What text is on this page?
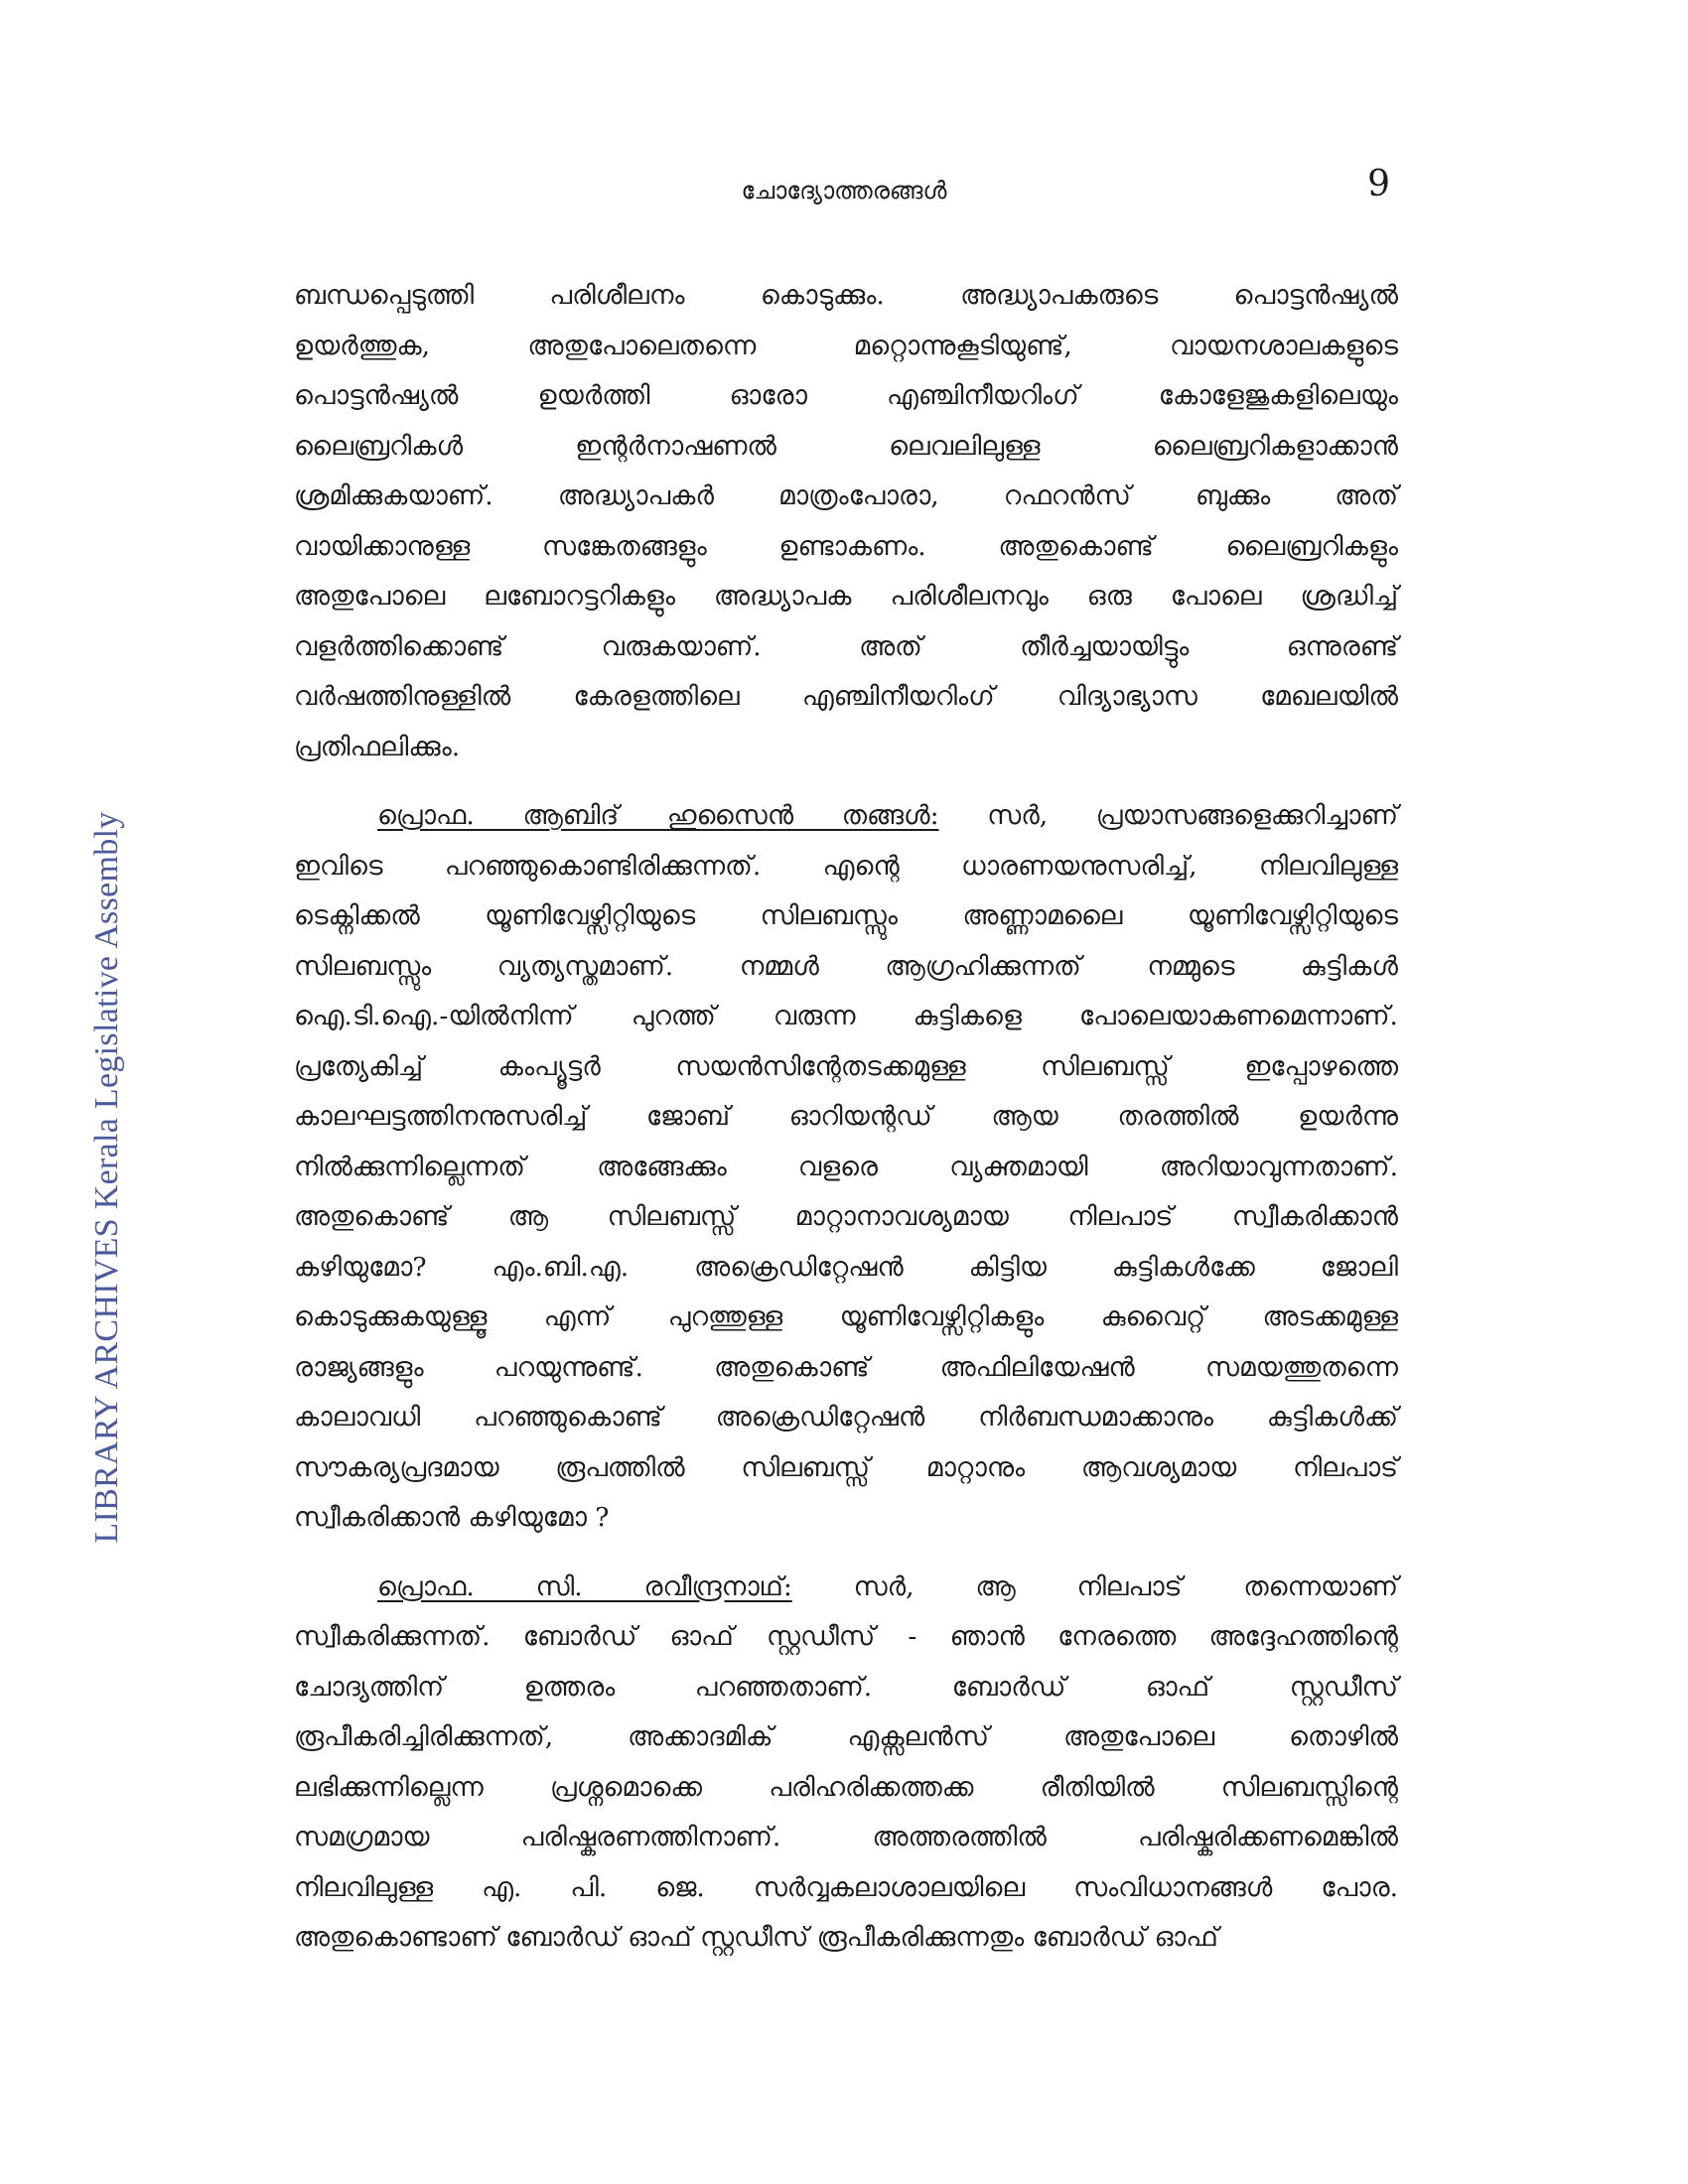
ചോദ്യോത്തരങ്ങൾ	9
LIBRARY ARCHIVES Kerala Legislative Assembly
ബന്ധപ്പെടുത്തി പരിശീലനം കൊടുക്കും. അദ്ധ്യാപകരുടെ പൊട്ടൻഷ്യൽ
ഉയർത്തുക, അതുപോലെതന്നെ മറ്റൊന്നുകൂടിയുണ്ട്, വായനശാലകളുടെ
പൊട്ടൻഷ്യൽ ഉയർത്തി ഓരോ എഞ്ചിനീയറിംഗ് കോളേജുകളിലെയും
ലൈബ്രറികൾ ഇന്റർനാഷണൽ ലെവലിലുള്ള ലൈബ്രറികളാക്കാൻ
ശ്രമിക്കുകയാണ്. അദ്ധ്യാപകർ മാത്രംപോരാ, റഫറൻസ് ബുക്കും അത്
വായിക്കാനുള്ള സങ്കേതങ്ങളും ഉണ്ടാകണം. അതുകൊണ്ട് ലൈബ്രറികളും
അതുപോലെ ലബോറട്ടറികളും അദ്ധ്യാപക പരിശീലനവും ഒരു പോലെ ശ്രദ്ധിച്ച്
വളർത്തിക്കൊണ്ട് വരുകയാണ്. അത് തീർച്ചയായിട്ടും ഒന്നുരണ്ട്
വർഷത്തിനുള്ളിൽ കേരളത്തിലെ എഞ്ചിനീയറിംഗ് വിദ്യാഭ്യാസ മേഖലയിൽ
പ്രതിഫലിക്കും.
പ്രൊഫ. ആബിദ് ഹുസൈൻ തങ്ങൾ: സർ, പ്രയാസങ്ങളെക്കുറിച്ചാണ്
ഇവിടെ പറഞ്ഞുകൊണ്ടിരിക്കുന്നത്. എന്റെ ധാരണയനുസരിച്ച്, നിലവിലുള്ള
ടെക്നിക്കൽ യൂണിവേഴ്സിറ്റിയുടെ സിലബസ്സും അണ്ണാമലൈ യൂണിവേഴ്സിറ്റിയുടെ
സിലബസ്സും വ്യത്യസ്തമാണ്. നമ്മൾ ആഗ്രഹിക്കുന്നത് നമ്മുടെ കുട്ടികൾ
ഐ.ടി.ഐ.-യിൽനിന്ന് പുറത്ത് വരുന്ന കുട്ടികളെ പോലെയാകണമെന്നാണ്.
പ്രത്യേകിച്ച് കംപ്യൂട്ടർ സയൻസിന്റേതടക്കമുള്ള സിലബസ്സ് ഇപ്പോഴത്തെ
കാലഘട്ടത്തിനനുസരിച്ച് ജോബ് ഓറിയന്റഡ് ആയ തരത്തിൽ ഉയർന്നു
നിൽക്കുന്നില്ലെന്നത് അങ്ങേക്കും വളരെ വ്യക്തമായി അറിയാവുന്നതാണ്.
അതുകൊണ്ട് ആ സിലബസ്സ് മാറ്റാനാവശ്യമായ നിലപാട് സ്വീകരിക്കാൻ
കഴിയുമോ? എം.ബി.എ. അക്രെഡിറ്റേഷൻ കിട്ടിയ കുട്ടികൾക്കേ ജോലി
കൊടുക്കുകയുള്ളൂ എന്ന് പുറത്തുള്ള യൂണിവേഴ്സിറ്റികളും കുവൈറ്റ് അടക്കമുള്ള
രാജ്യങ്ങളും പറയുന്നുണ്ട്. അതുകൊണ്ട് അഫിലിയേഷൻ സമയത്തുതന്നെ
കാലാവധി പറഞ്ഞുകൊണ്ട് അക്രെഡിറ്റേഷൻ നിർബന്ധമാക്കാനും കുട്ടികൾക്ക്
സൗകര്യപ്രദമായ രൂപത്തിൽ സിലബസ്സ് മാറ്റാനും ആവശ്യമായ നിലപാട്
സ്വീകരിക്കാൻ കഴിയുമോ ?
പ്രൊഫ. സി. രവീന്ദ്രനാഥ്: സർ, ആ നിലപാട് തന്നെയാണ്
സ്വീകരിക്കുന്നത്. ബോർഡ് ഓഫ് സ്റ്റഡീസ് - ഞാൻ നേരത്തെ അദ്ദേഹത്തിന്റെ
ചോദ്യത്തിന് ഉത്തരം പറഞ്ഞതാണ്. ബോർഡ് ഓഫ് സ്റ്റഡീസ്
രൂപീകരിച്ചിരിക്കുന്നത്, അക്കാദമിക് എക്സലൻസ് അതുപോലെ തൊഴിൽ
ലഭിക്കുന്നില്ലെന്ന പ്രശ്നമൊക്കെ പരിഹരിക്കത്തക്ക രീതിയിൽ സിലബസ്സിന്റെ
സമഗ്രമായ പരിഷ്കരണത്തിനാണ്. അത്തരത്തിൽ പരിഷ്കരിക്കണമെങ്കിൽ
നിലവിലുള്ള എ. പി. ജെ. സർവ്വകലാശാലയിലെ സംവിധാനങ്ങൾ പോര.
അതുകൊണ്ടാണ് ബോർഡ് ഓഫ് സ്റ്റഡീസ് രൂപീകരിക്കുന്നതും ബോർഡ് ഓഫ്
